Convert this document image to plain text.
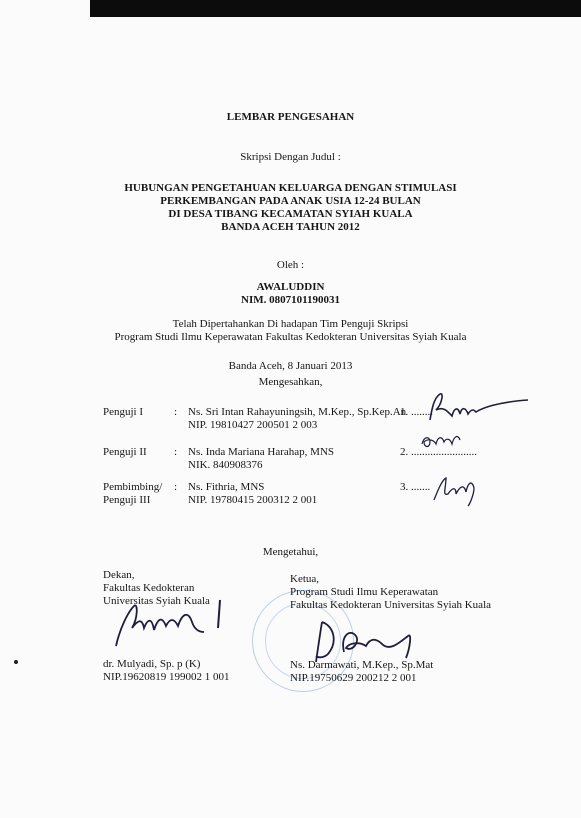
LEMBAR PENGESAHAN
Skripsi Dengan Judul :
HUBUNGAN PENGETAHUAN KELUARGA DENGAN STIMULASI
PERKEMBANGAN PADA ANAK USIA 12-24 BULAN
DI DESA TIBANG KECAMATAN SYIAH KUALA
BANDA ACEH TAHUN 2012
Oleh :
AWALUDDIN
NIM. 0807101190031
Telah Dipertahankan Di hadapan Tim Penguji Skripsi
Program Studi Ilmu Keperawatan Fakultas Kedokteran Universitas Syiah Kuala
Banda Aceh, 8 Januari 2013
Mengesahkan,
Penguji I	: Ns. Sri Intan Rahayuningsih, M.Kep., Sp.Kep.An
NIP. 19810427 200501 2 003
1. ........
Penguji II : Ns. Inda Mariana Harahap, MNS
NIK. 840908376
2. ........................
Pembimbing/
Penguji III
: Ns. Fithria, MNS
NIP. 19780415 200312 2 001
3. .......
Mengetahui,
Dekan,
Fakultas Kedokteran
Universitas Syiah Kuala
dr. Mulyadi, Sp. p (K)
NIP.19620819 199002 1 001
Ketua,
Program Studi Ilmu Keperawatan
Fakultas Kedokteran Universitas Syiah Kuala
Ns. Darmawati, M.Kep., Sp.Mat
NIP.19750629 200212 2 001
